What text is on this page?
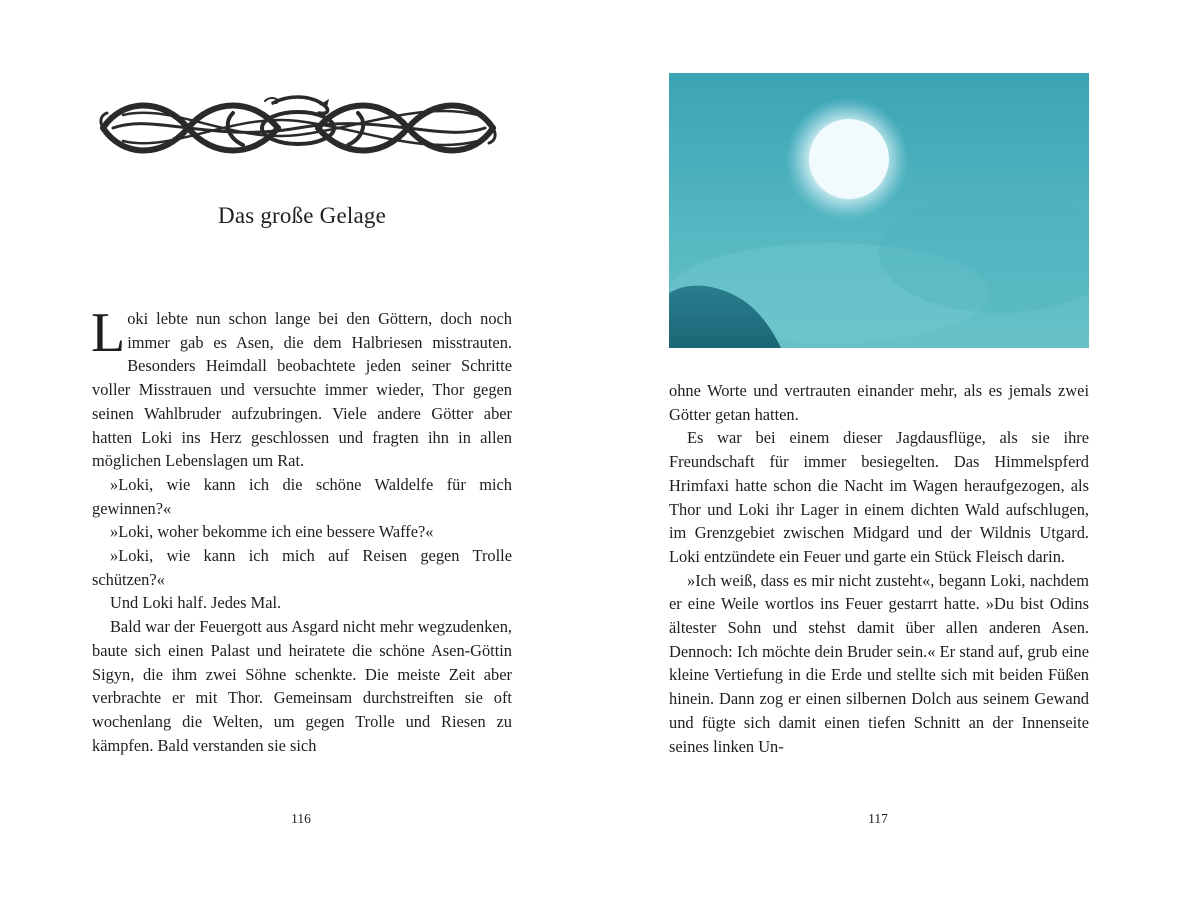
Das große Gelage

Loki lebte nun schon lange bei den Göttern, doch noch immer gab es Asen, die dem Halbriesen misstrauten. Besonders Heimdall beobachtete jeden seiner Schritte voller Misstrauen und versuchte immer wieder, Thor gegen seinen Wahlbruder aufzubringen. Viele andere Götter aber hatten Loki ins Herz geschlossen und fragten ihn in allen möglichen Lebenslagen um Rat.

»Loki, wie kann ich die schöne Waldelfe für mich gewinnen?«

»Loki, woher bekomme ich eine bessere Waffe?«

»Loki, wie kann ich mich auf Reisen gegen Trolle schützen?«

Und Loki half. Jedes Mal.

Bald war der Feuergott aus Asgard nicht mehr wegzudenken, baute sich einen Palast und heiratete die schöne Asen-Göttin Sigyn, die ihm zwei Söhne schenkte. Die meiste Zeit aber verbrachte er mit Thor. Gemeinsam durchstreiften sie oft wochenlang die Welten, um gegen Trolle und Riesen zu kämpfen. Bald verstanden sie sich

116

ohne Worte und vertrauten einander mehr, als es jemals zwei Götter getan hatten.

Es war bei einem dieser Jagdausflüge, als sie ihre Freundschaft für immer besiegelten. Das Himmelspferd Hrimfaxi hatte schon die Nacht im Wagen heraufgezogen, als Thor und Loki ihr Lager in einem dichten Wald aufschlugen, im Grenzgebiet zwischen Midgard und der Wildnis Utgard. Loki entzündete ein Feuer und garte ein Stück Fleisch darin.

»Ich weiß, dass es mir nicht zusteht«, begann Loki, nachdem er eine Weile wortlos ins Feuer gestarrt hatte. »Du bist Odins ältester Sohn und stehst damit über allen anderen Asen. Dennoch: Ich möchte dein Bruder sein.« Er stand auf, grub eine kleine Vertiefung in die Erde und stellte sich mit beiden Füßen hinein. Dann zog er einen silbernen Dolch aus seinem Gewand und fügte sich damit einen tiefen Schnitt an der Innenseite seines linken Un-

117
